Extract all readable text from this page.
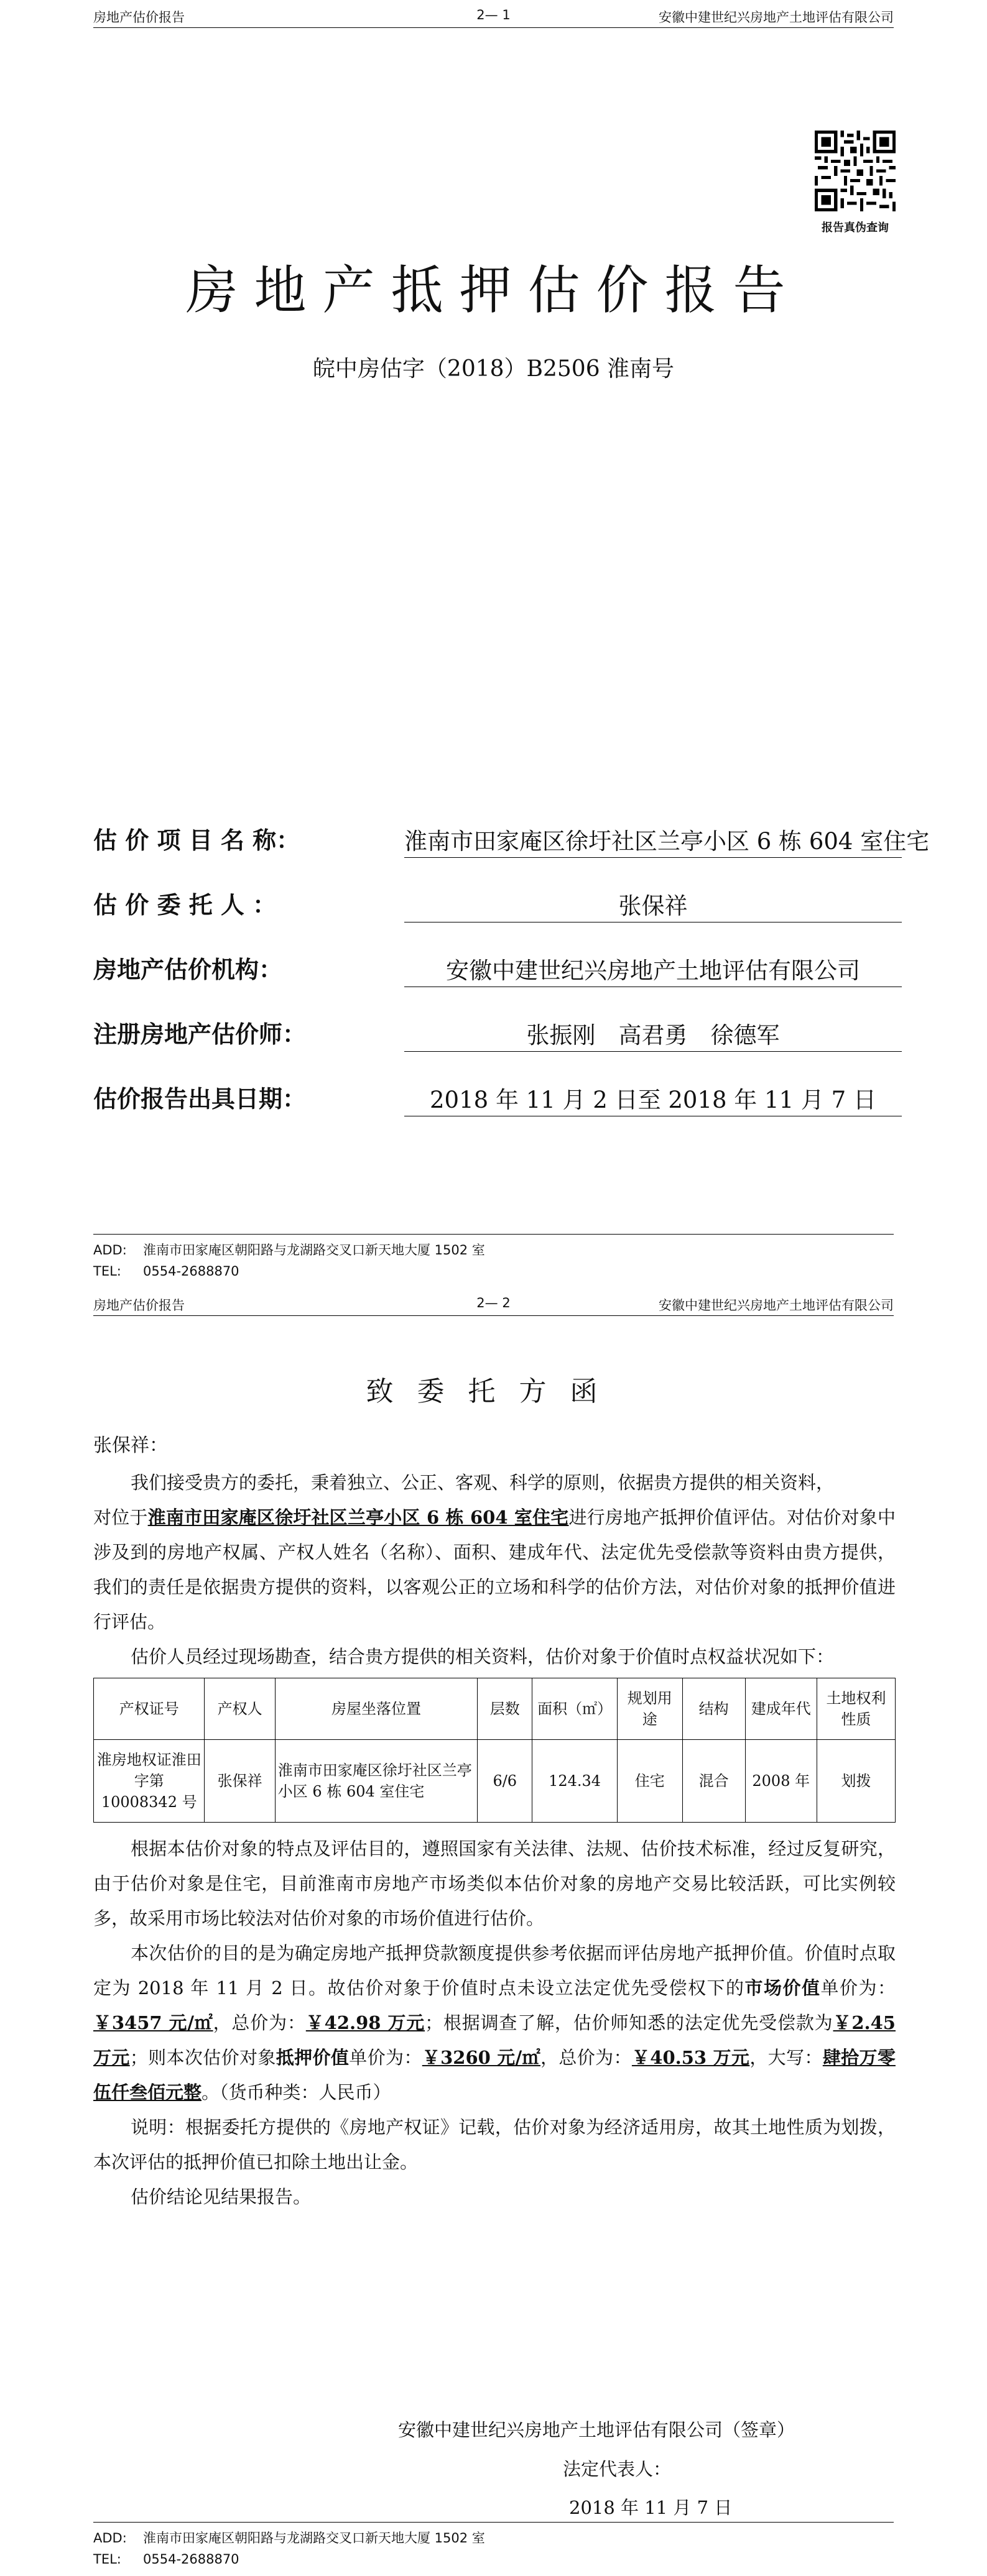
房地产估价报告	2— 1	安徽中建世纪兴房地产土地评估有限公司
报告真伪查询
房地产抵押估价报告
皖中房估字（2018）B2506 淮南号
估 价 项 目 名 称：	淮南市田家庵区徐圩社区兰亭小区 6 栋 604 室住宅
估 价 委 托 人 ：	张保祥
房地产估价机构：	安徽中建世纪兴房地产土地评估有限公司
注册房地产估价师：	张振刚　高君勇　徐德军
估价报告出具日期：	2018 年 11 月 2 日至 2018 年 11 月 7 日
ADD: 淮南市田家庵区朝阳路与龙湖路交叉口新天地大厦 1502 室
TEL: 0554-2688870
房地产估价报告	2— 2	安徽中建世纪兴房地产土地评估有限公司
致委托方函
张保祥：

我们接受贵方的委托，秉着独立、公正、客观、科学的原则，依据贵方提供的相关资料，

对位于淮南市田家庵区徐圩社区兰亭小区 6 栋 604 室住宅进行房地产抵押价值评估。对估价对象中涉及到的房地产权属、产权人姓名（名称）、面积、建成年代、法定优先受偿款等资料由贵方提供，我们的责任是依据贵方提供的资料，以客观公正的立场和科学的估价方法，对估价对象的抵押价值进行评估。

估价人员经过现场勘查，结合贵方提供的相关资料，估价对象于价值时点权益状况如下：

产权证号	产权人	房屋坐落位置	层数	面积（㎡）	规划用途	结构	建成年代	土地权利性质
淮房地权证淮田字第 10008342 号	张保祥	淮南市田家庵区徐圩社区兰亭小区 6 栋 604 室住宅	6/6	124.34	住宅	混合	2008 年	划拨

根据本估价对象的特点及评估目的，遵照国家有关法律、法规、估价技术标准，经过反复研究，由于估价对象是住宅，目前淮南市房地产市场类似本估价对象的房地产交易比较活跃，可比实例较多，故采用市场比较法对估价对象的市场价值进行估价。

本次估价的目的是为确定房地产抵押贷款额度提供参考依据而评估房地产抵押价值。价值时点取定为 2018 年 11 月 2 日。故估价对象于价值时点未设立法定优先受偿权下的市场价值单价为：￥3457 元/㎡，总价为：￥42.98 万元；根据调查了解，估价师知悉的法定优先受偿款为￥2.45 万元；则本次估价对象抵押价值单价为：￥3260 元/㎡，总价为：￥40.53 万元，大写：肆拾万零伍仟叁佰元整。（货币种类：人民币）

说明：根据委托方提供的《房地产权证》记载，估价对象为经济适用房，故其土地性质为划拨，本次评估的抵押价值已扣除土地出让金。

估价结论见结果报告。

安徽中建世纪兴房地产土地评估有限公司（签章）
ADD: 淮南市田家庵区朝阳路与龙湖路交叉口新天地大厦 1502 室
TEL: 0554-2688870
法定代表人：
2018 年 11 月 7 日
